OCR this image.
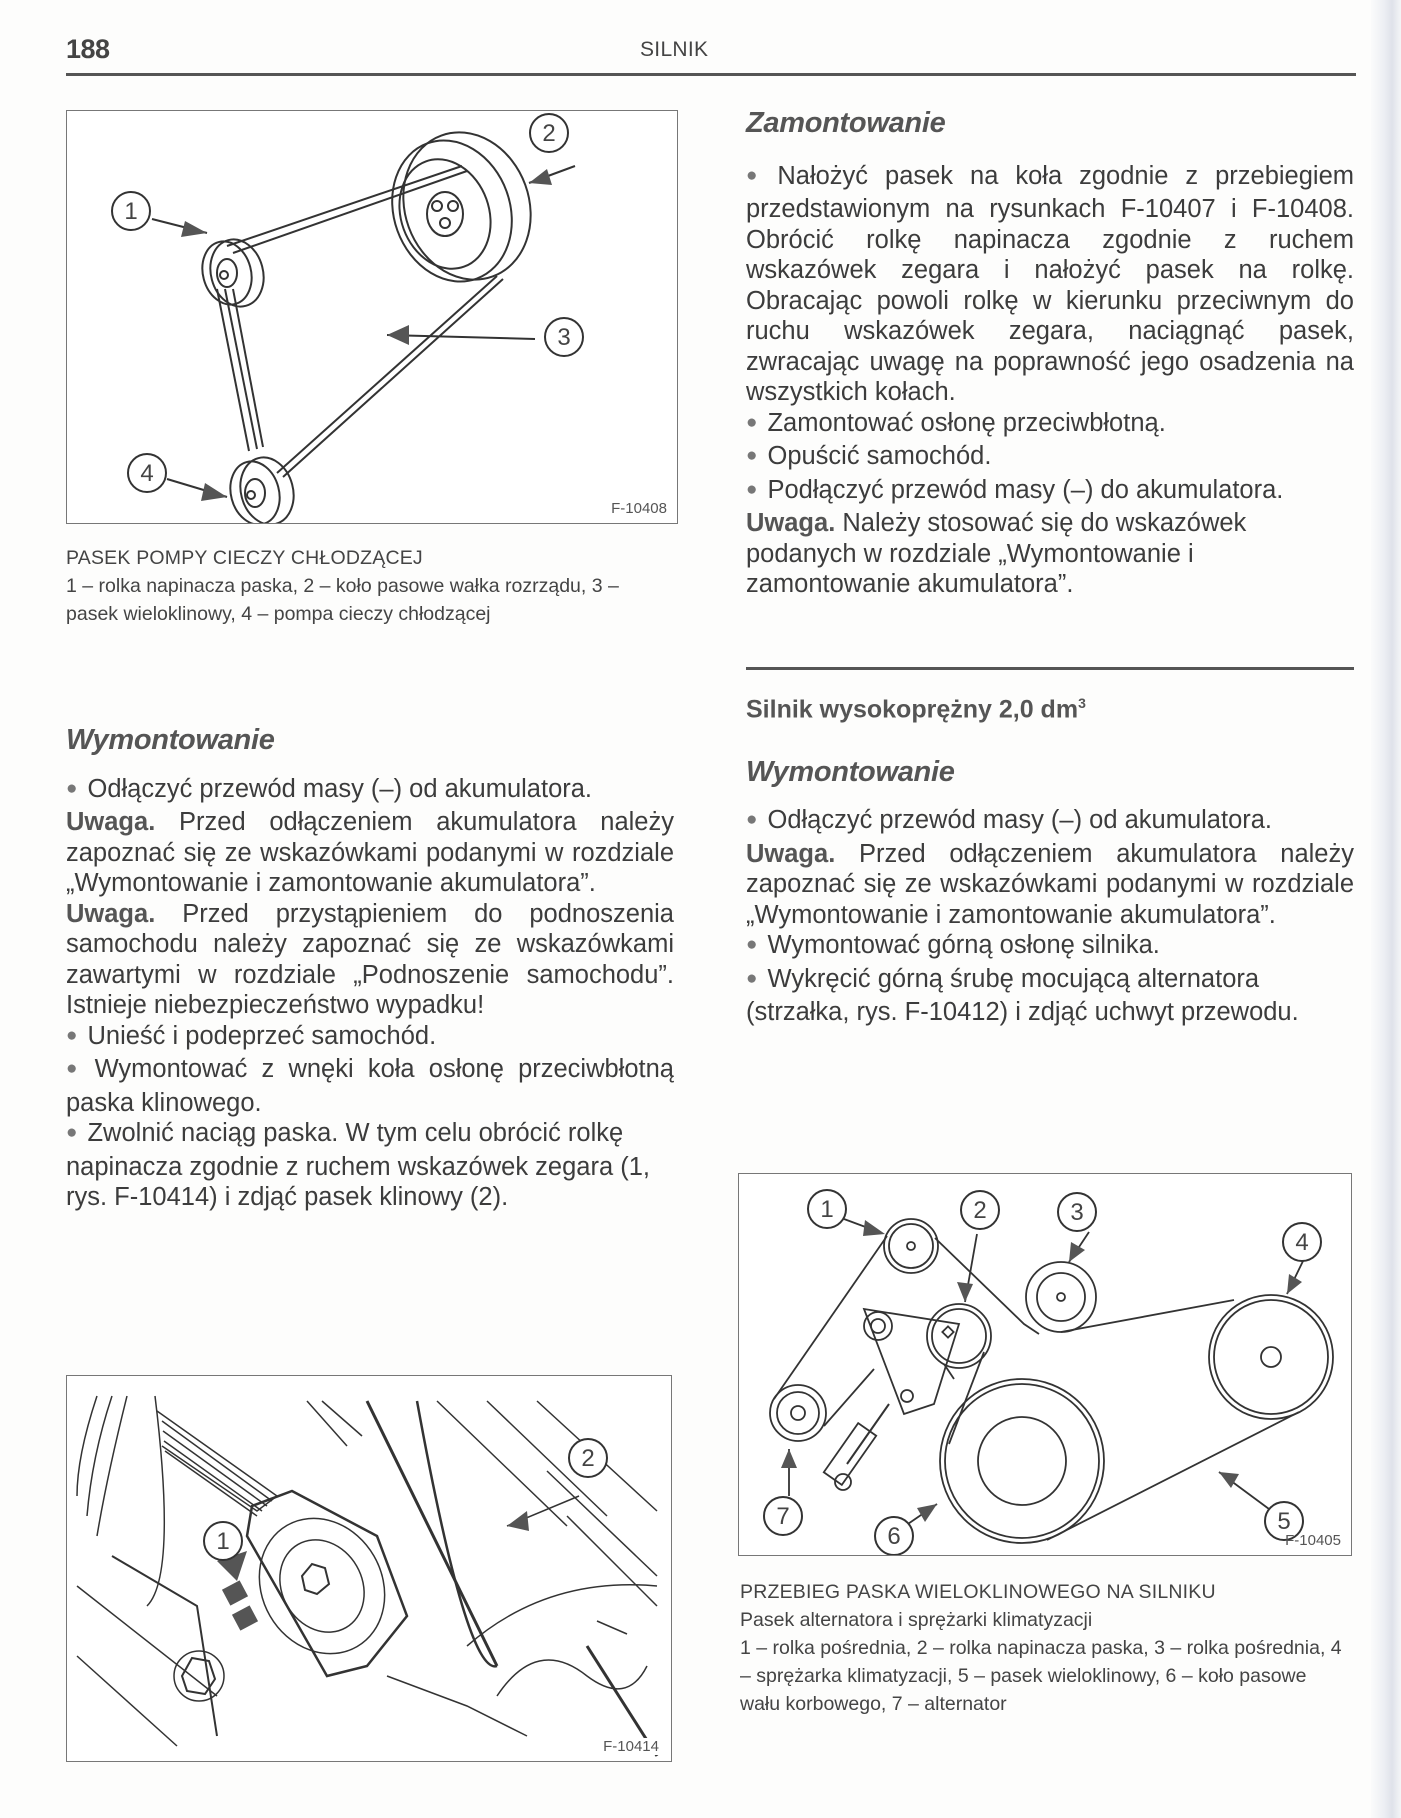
188	SILNIK
1
2
3
4
F-10408
PASEK POMPY CIECZY CHŁODZĄCEJ
1 – rolka napinacza paska, 2 – koło pasowe wałka rozrządu, 3 – pasek wieloklinowy, 4 – pompa cieczy chłodzącej
Wymontowanie

● Odłączyć przewód masy (–) od akumulatora.

Uwaga. Przed odłączeniem akumulatora należy zapoznać się ze wskazówkami podanymi w rozdziale „Wymontowanie i zamontowanie akumulatora”.

Uwaga. Przed przystąpieniem do podnoszenia samochodu należy zapoznać się ze wskazówkami zawartymi w rozdziale „Podnoszenie samochodu”. Istnieje niebezpieczeństwo wypadku!

● Unieść i podeprzeć samochód.

● Wymontować z wnęki koła osłonę przeciwbłotną paska klinowego.

● Zwolnić naciąg paska. W tym celu obrócić rolkę napinacza zgodnie z ruchem wskazówek zegara (1, rys. F-10414) i zdjąć pasek klinowy (2).

1
2
F-10414
Zamontowanie

● Nałożyć pasek na koła zgodnie z przebiegiem przedstawionym na rysunkach F-10407 i F-10408. Obrócić rolkę napinacza zgodnie z ruchem wskazówek zegara i nałożyć pasek na rolkę. Obracając powoli rolkę w kierunku przeciwnym do ruchu wskazówek zegara, naciągnąć pasek, zwracając uwagę na poprawność jego osadzenia na wszystkich kołach.

● Zamontować osłonę przeciwbłotną.

● Opuścić samochód.

● Podłączyć przewód masy (–) do akumulatora.

Uwaga. Należy stosować się do wskazówek podanych w rozdziale „Wymontowanie i zamontowanie akumulatora”.

Silnik wysokoprężny 2,0 $dm^3$
Wymontowanie

● Odłączyć przewód masy (–) od akumulatora.

Uwaga. Przed odłączeniem akumulatora należy zapoznać się ze wskazówkami podanymi w rozdziale „Wymontowanie i zamontowanie akumulatora”.

● Wymontować górną osłonę silnika.

● Wykręcić górną śrubę mocującą alternatora (strzałka, rys. F-10412) i zdjąć uchwyt przewodu.

1	2	3
4
5
6
7
F-10405
PRZEBIEG PASKA WIELOKLINOWEGO NA SILNIKU
Pasek alternatora i sprężarki klimatyzacji
1 – rolka pośrednia, 2 – rolka napinacza paska, 3 – rolka pośrednia, 4 – sprężarka klimatyzacji, 5 – pasek wieloklinowy, 6 – koło pasowe wału korbowego, 7 – alternator
